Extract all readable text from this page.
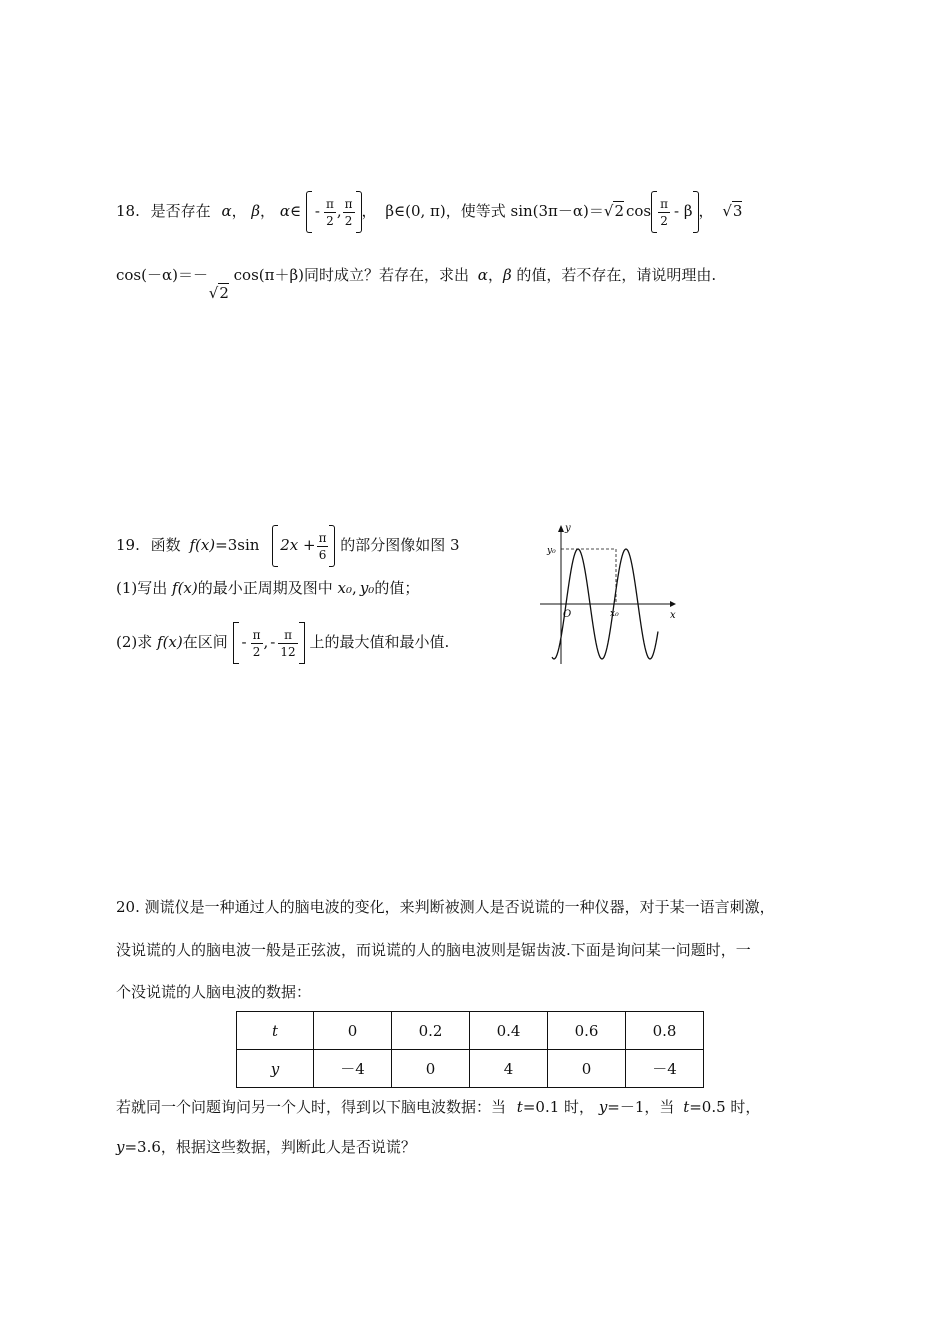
18. 是否存在 α， β， α∈ - $\frac{\pi}{2}$ , $\frac{\pi}{2}$ ， β∈(0, π)，使等式 sin(3π－α)＝√2 $\cos \frac{\pi}{2}$ - β ， √3
cos(－α)＝－ √2 cos(π＋β)同时成立？若存在，求出 α，β 的值，若不存在，请说明理由.
19. 函数 f(x)=3sin $2x + \frac{\pi}{6}$ 的部分图像如图 3
(1)写出 f(x)的最小正周期及图中 x₀, y₀的值；
(2)求 f(x)在区间 - $\frac{\pi}{2}$ , - $\frac{\pi}{12}$ 上的最大值和最小值.
y
x
O
y₀
x₀
20. 测谎仪是一种通过人的脑电波的变化，来判断被测人是否说谎的一种仪器，对于某一语言刺激，
没说谎的人的脑电波一般是正弦波，而说谎的人的脑电波则是锯齿波.下面是询问某一问题时，一
个没说谎的人脑电波的数据：
t	0	0.2	0.4	0.6	0.8
y	－4	0	4	0	－4
若就同一个问题询问另一个人时，得到以下脑电波数据：当 t=0.1 时， y=－1，当 t=0.5 时，
y=3.6，根据这些数据，判断此人是否说谎？
